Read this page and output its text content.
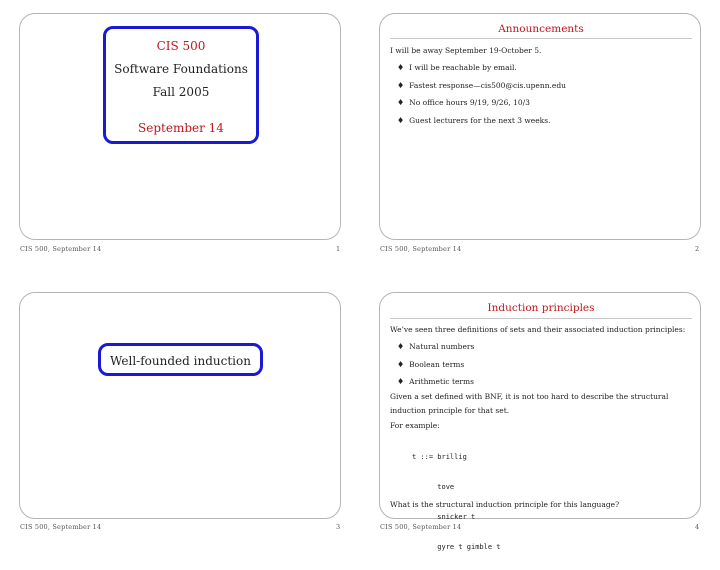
CIS 500
Software Foundations
Fall 2005
September 14
CIS 500, September 14	1
Announcements
I will be away September 19-October 5.
♦ I will be reachable by email.
♦ Fastest response—cis500@cis.upenn.edu
♦ No office hours 9/19, 9/26, 10/3
♦ Guest lecturers for the next 3 weeks.
CIS 500, September 14	2
Well-founded induction
CIS 500, September 14	3
Induction principles
We’ve seen three definitions of sets and their associated induction principles:
♦ Natural numbers
♦ Boolean terms
♦ Arithmetic terms
Given a set defined with BNF, it is not too hard to describe the structural
induction principle for that set.
For example:

t ::= brillig

tove

snicker t

gyre t gimble t

What is the structural induction principle for this language?
CIS 500, September 14	4
